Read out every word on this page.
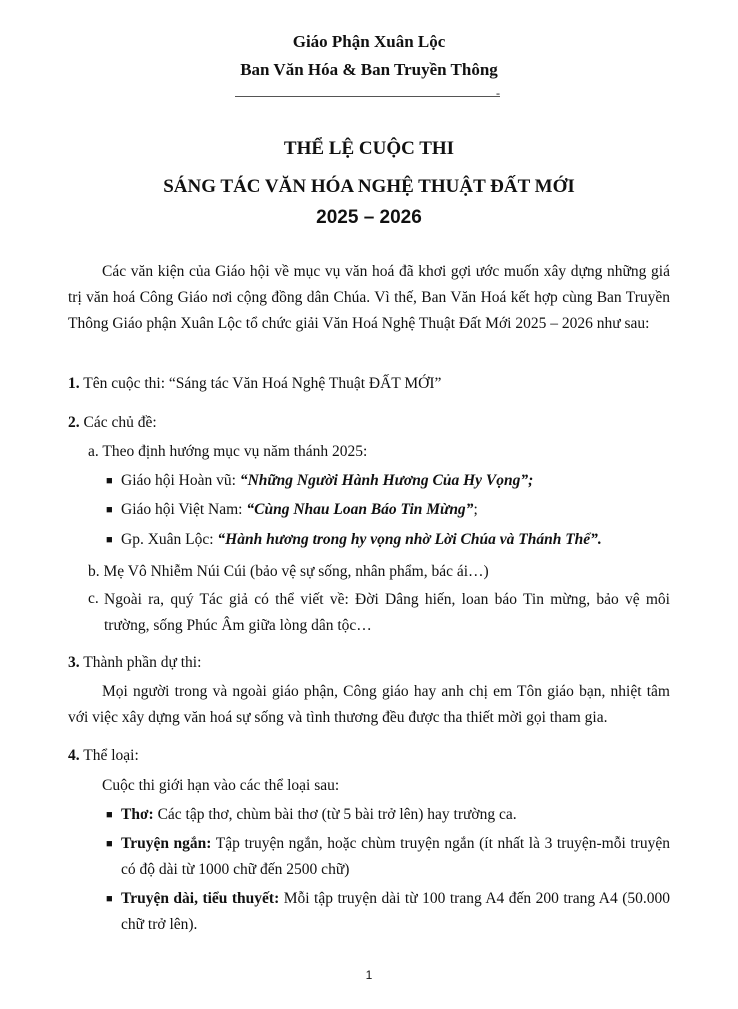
Giáo Phận Xuân Lộc
Ban Văn Hóa & Ban Truyền Thông
-
THỂ LỆ CUỘC THI
SÁNG TÁC VĂN HÓA NGHỆ THUẬT ĐẤT MỚI
2025 – 2026
Các văn kiện của Giáo hội về mục vụ văn hoá đã khơi gợi ước muốn xây dựng những giá trị văn hoá Công Giáo nơi cộng đồng dân Chúa. Vì thế, Ban Văn Hoá kết hợp cùng Ban Truyền Thông Giáo phận Xuân Lộc tổ chức giải Văn Hoá Nghệ Thuật Đất Mới 2025 – 2026 như sau:
1. Tên cuộc thi: “Sáng tác Văn Hoá Nghệ Thuật ĐẤT MỚI”
2. Các chủ đề:
a. Theo định hướng mục vụ năm thánh 2025:
■ Giáo hội Hoàn vũ: “Những Người Hành Hương Của Hy Vọng”;
■ Giáo hội Việt Nam: “Cùng Nhau Loan Báo Tin Mừng”;
■ Gp. Xuân Lộc: “Hành hương trong hy vọng nhờ Lời Chúa và Thánh Thể”.
b. Mẹ Vô Nhiễm Núi Cúi (bảo vệ sự sống, nhân phẩm, bác ái…)
c. Ngoài ra, quý Tác giả có thể viết về: Đời Dâng hiến, loan báo Tin mừng, bảo vệ môi trường, sống Phúc Âm giữa lòng dân tộc…
3. Thành phần dự thi:
Mọi người trong và ngoài giáo phận, Công giáo hay anh chị em Tôn giáo bạn, nhiệt tâm với việc xây dựng văn hoá sự sống và tình thương đều được tha thiết mời gọi tham gia.
4. Thể loại:
Cuộc thi giới hạn vào các thể loại sau:
■ Thơ: Các tập thơ, chùm bài thơ (từ 5 bài trở lên) hay trường ca.
■ Truyện ngắn: Tập truyện ngắn, hoặc chùm truyện ngắn (ít nhất là 3 truyện-mỗi truyện có độ dài từ 1000 chữ đến 2500 chữ)
■ Truyện dài, tiểu thuyết: Mỗi tập truyện dài từ 100 trang A4 đến 200 trang A4 (50.000 chữ trở lên).
1
